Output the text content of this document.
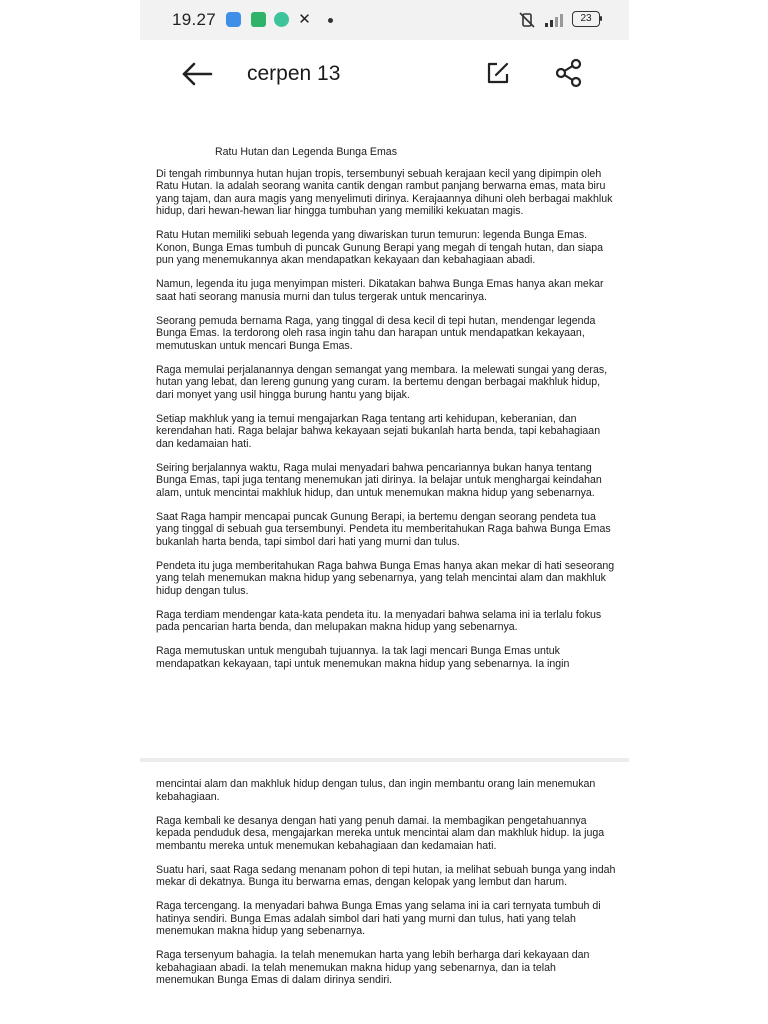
19.27	✕	23
cerpen 13
Ratu Hutan dan Legenda Bunga Emas

Di tengah rimbunnya hutan hujan tropis, tersembunyi sebuah kerajaan kecil yang dipimpin oleh Ratu Hutan. Ia adalah seorang wanita cantik dengan rambut panjang berwarna emas, mata biru yang tajam, dan aura magis yang menyelimuti dirinya. Kerajaannya dihuni oleh berbagai makhluk hidup, dari hewan-hewan liar hingga tumbuhan yang memiliki kekuatan magis.

Ratu Hutan memiliki sebuah legenda yang diwariskan turun temurun: legenda Bunga Emas. Konon, Bunga Emas tumbuh di puncak Gunung Berapi yang megah di tengah hutan, dan siapa pun yang menemukannya akan mendapatkan kekayaan dan kebahagiaan abadi.

Namun, legenda itu juga menyimpan misteri. Dikatakan bahwa Bunga Emas hanya akan mekar saat hati seorang manusia murni dan tulus tergerak untuk mencarinya.

Seorang pemuda bernama Raga, yang tinggal di desa kecil di tepi hutan, mendengar legenda Bunga Emas. Ia terdorong oleh rasa ingin tahu dan harapan untuk mendapatkan kekayaan, memutuskan untuk mencari Bunga Emas.

Raga memulai perjalanannya dengan semangat yang membara. Ia melewati sungai yang deras, hutan yang lebat, dan lereng gunung yang curam. Ia bertemu dengan berbagai makhluk hidup, dari monyet yang usil hingga burung hantu yang bijak.

Setiap makhluk yang ia temui mengajarkan Raga tentang arti kehidupan, keberanian, dan kerendahan hati. Raga belajar bahwa kekayaan sejati bukanlah harta benda, tapi kebahagiaan dan kedamaian hati.

Seiring berjalannya waktu, Raga mulai menyadari bahwa pencariannya bukan hanya tentang Bunga Emas, tapi juga tentang menemukan jati dirinya. Ia belajar untuk menghargai keindahan alam, untuk mencintai makhluk hidup, dan untuk menemukan makna hidup yang sebenarnya.

Saat Raga hampir mencapai puncak Gunung Berapi, ia bertemu dengan seorang pendeta tua yang tinggal di sebuah gua tersembunyi. Pendeta itu memberitahukan Raga bahwa Bunga Emas bukanlah harta benda, tapi simbol dari hati yang murni dan tulus.

Pendeta itu juga memberitahukan Raga bahwa Bunga Emas hanya akan mekar di hati seseorang yang telah menemukan makna hidup yang sebenarnya, yang telah mencintai alam dan makhluk hidup dengan tulus.

Raga terdiam mendengar kata-kata pendeta itu. Ia menyadari bahwa selama ini ia terlalu fokus pada pencarian harta benda, dan melupakan makna hidup yang sebenarnya.

Raga memutuskan untuk mengubah tujuannya. Ia tak lagi mencari Bunga Emas untuk mendapatkan kekayaan, tapi untuk menemukan makna hidup yang sebenarnya. Ia ingin

mencintai alam dan makhluk hidup dengan tulus, dan ingin membantu orang lain menemukan kebahagiaan.

Raga kembali ke desanya dengan hati yang penuh damai. Ia membagikan pengetahuannya kepada penduduk desa, mengajarkan mereka untuk mencintai alam dan makhluk hidup. Ia juga membantu mereka untuk menemukan kebahagiaan dan kedamaian hati.

Suatu hari, saat Raga sedang menanam pohon di tepi hutan, ia melihat sebuah bunga yang indah mekar di dekatnya. Bunga itu berwarna emas, dengan kelopak yang lembut dan harum.

Raga tercengang. Ia menyadari bahwa Bunga Emas yang selama ini ia cari ternyata tumbuh di hatinya sendiri. Bunga Emas adalah simbol dari hati yang murni dan tulus, hati yang telah menemukan makna hidup yang sebenarnya.

Raga tersenyum bahagia. Ia telah menemukan harta yang lebih berharga dari kekayaan dan kebahagiaan abadi. Ia telah menemukan makna hidup yang sebenarnya, dan ia telah menemukan Bunga Emas di dalam dirinya sendiri.
